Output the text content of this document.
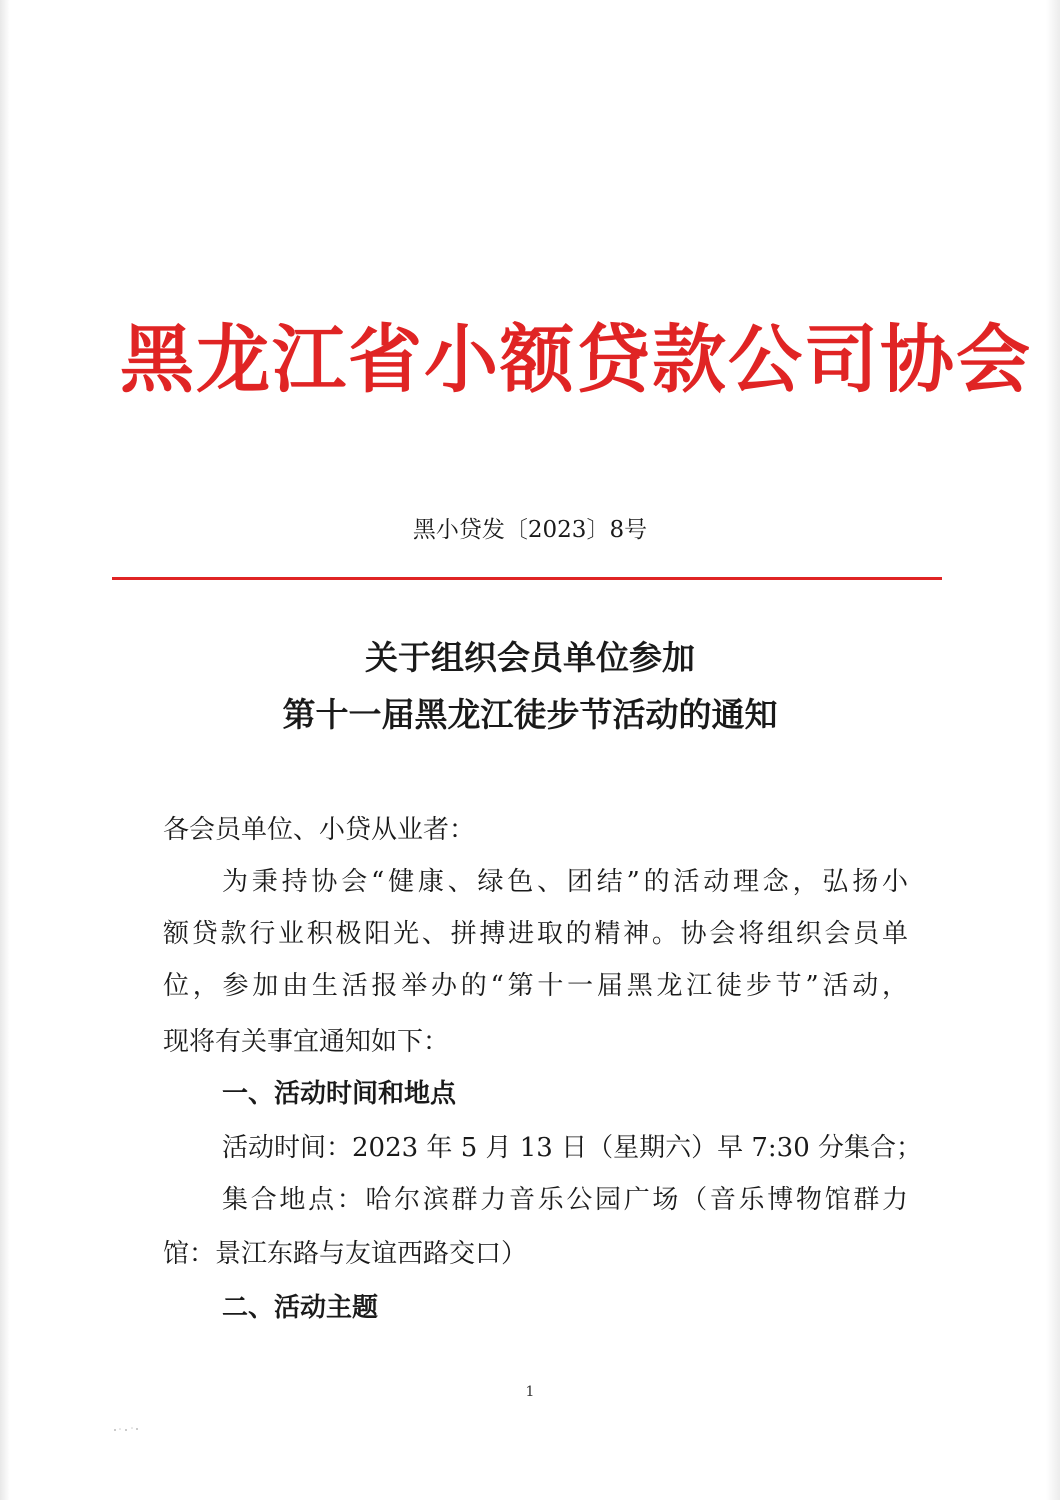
黑龙江省小额贷款公司协会
黑小贷发〔2023〕8号
关于组织会员单位参加
第十一届黑龙江徒步节活动的通知
各会员单位、小贷从业者：
为秉持协会“健康、绿色、团结”的活动理念，弘扬小
额贷款行业积极阳光、拼搏进取的精神。协会将组织会员单
位，参加由生活报举办的“第十一届黑龙江徒步节”活动，
现将有关事宜通知如下：
一、活动时间和地点
活动时间：2023 年 5 月 13 日（星期六）早 7:30 分集合；
集合地点：哈尔滨群力音乐公园广场（音乐博物馆群力
馆：景江东路与友谊西路交口）
二、活动主题
1
